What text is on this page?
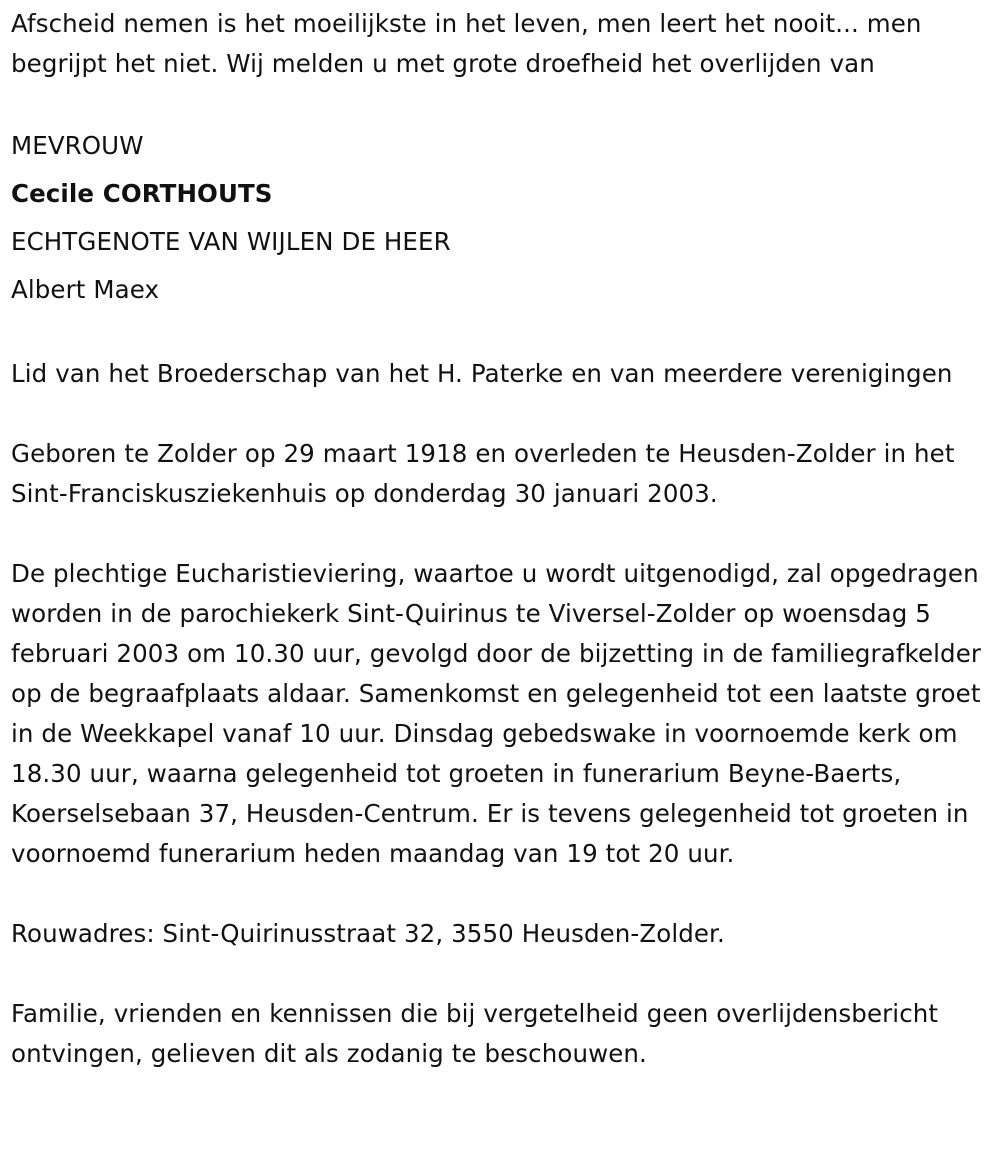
Afscheid nemen is het moeilijkste in het leven, men leert het nooit... men begrijpt het niet. Wij melden u met grote droefheid het overlijden van

MEVROUW

Cecile CORTHOUTS

ECHTGENOTE VAN WIJLEN DE HEER

Albert Maex

Lid van het Broederschap van het H. Paterke en van meerdere verenigingen

Geboren te Zolder op 29 maart 1918 en overleden te Heusden-Zolder in het Sint-Franciskusziekenhuis op donderdag 30 januari 2003.

De plechtige Eucharistieviering, waartoe u wordt uitgenodigd, zal opgedragen worden in de parochiekerk Sint-Quirinus te Viversel-Zolder op woensdag 5 februari 2003 om 10.30 uur, gevolgd door de bijzetting in de familiegrafkelder op de begraafplaats aldaar. Samenkomst en gelegenheid tot een laatste groet in de Weekkapel vanaf 10 uur. Dinsdag gebedswake in voornoemde kerk om 18.30 uur, waarna gelegenheid tot groeten in funerarium Beyne-Baerts, Koerselsebaan 37, Heusden-Centrum. Er is tevens gelegenheid tot groeten in voornoemd funerarium heden maandag van 19 tot 20 uur.

Rouwadres: Sint-Quirinusstraat 32, 3550 Heusden-Zolder.

Familie, vrienden en kennissen die bij vergetelheid geen overlijdensbericht ontvingen, gelieven dit als zodanig te beschouwen.
